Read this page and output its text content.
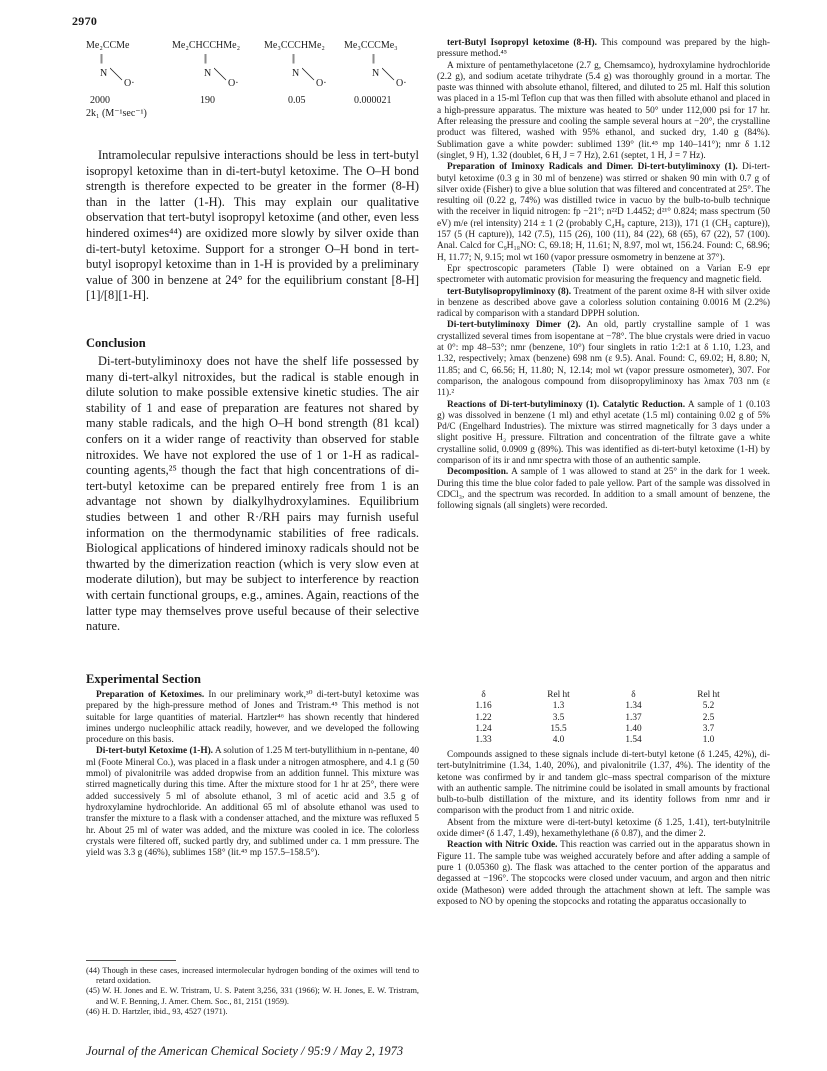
2970
Me₂CCMe
||
N
O·
2000
Me₂CHCCHMe₂
||
N
O·
190
Me₃CCCHMe₂
||
N
O·
0.05
Me₃CCCMe₃
||
N
O·
0.000021
2k₁ (M⁻¹sec⁻¹)

Intramolecular repulsive interactions should be less in tert-butyl isopropyl ketoxime than in di-tert-butyl ketoxime. The O–H bond strength is therefore expected to be greater in the former (8-H) than in the latter (1-H). This may explain our qualitative observation that tert-butyl isopropyl ketoxime (and other, even less hindered oximes⁴⁴) are oxidized more slowly by silver oxide than di-tert-butyl ketoxime. Support for a stronger O–H bond in tert-butyl isopropyl ketoxime than in 1-H is provided by a preliminary value of 300 in benzene at 24° for the equilibrium constant [8-H][1]/[8][1-H].

Conclusion

Di-tert-butyliminoxy does not have the shelf life possessed by many di-tert-alkyl nitroxides, but the radical is stable enough in dilute solution to make possible extensive kinetic studies. The air stability of 1 and ease of preparation are features not shared by many stable radicals, and the high O–H bond strength (81 kcal) confers on it a wider range of reactivity than observed for stable nitroxides. We have not explored the use of 1 or 1-H as radical-counting agents,²⁵ though the fact that high concentrations of di-tert-butyl ketoxime can be prepared entirely free from 1 is an advantage not shown by dialkylhydroxylamines. Equilibrium studies between 1 and other R·/RH pairs may furnish useful information on the thermodynamic stabilities of free radicals. Biological applications of hindered iminoxy radicals should not be thwarted by the dimerization reaction (which is very slow even at moderate dilution), but may be subject to interference by reaction with certain functional groups, e.g., amines. Again, reactions of the latter type may themselves prove useful because of their selective nature.

Experimental Section

Preparation of Ketoximes. In our preliminary work,³⁰ di-tert-butyl ketoxime was prepared by the high-pressure method of Jones and Tristram.⁴⁵ This method is not suitable for large quantities of material. Hartzler⁴⁶ has shown recently that hindered imines undergo nucleophilic attack readily, however, and we developed the following procedure on this basis.

Di-tert-butyl Ketoxime (1-H). A solution of 1.25 M tert-butyllithium in n-pentane, 40 ml (Foote Mineral Co.), was placed in a flask under a nitrogen atmosphere, and 4.1 g (50 mmol) of pivalonitrile was added dropwise from an addition funnel. This mixture was stirred magnetically during this time. After the mixture stood for 1 hr at 25°, there were added successively 5 ml of absolute ethanol, 3 ml of acetic acid and 3.5 g of hydroxylamine hydrochloride. An additional 65 ml of absolute ethanol was used to transfer the mixture to a flask with a condenser attached, and the mixture was refluxed 5 hr. About 25 ml of water was added, and the mixture was cooled in ice. The colorless crystals were filtered off, sucked partly dry, and sublimed under ca. 1 mm pressure. The yield was 3.3 g (46%), sublimes 158° (lit.⁴⁵ mp 157.5–158.5°).

(44) Though in these cases, increased intermolecular hydrogen bonding of the oximes will tend to retard oxidation.

(45) W. H. Jones and E. W. Tristram, U. S. Patent 3,256, 331 (1966); W. H. Jones, E. W. Tristram, and W. F. Benning, J. Amer. Chem. Soc., 81, 2151 (1959).

(46) H. D. Hartzler, ibid., 93, 4527 (1971).

tert-Butyl Isopropyl ketoxime (8-H). This compound was prepared by the high-pressure method.⁴⁵

A mixture of pentamethylacetone (2.7 g, Chemsamco), hydroxylamine hydrochloride (2.2 g), and sodium acetate trihydrate (5.4 g) was thoroughly ground in a mortar. The paste was thinned with absolute ethanol, filtered, and diluted to 25 ml. Half this solution was placed in a 15-ml Teflon cup that was then filled with absolute ethanol and placed in a high-pressure apparatus. The mixture was heated to 50° under 112,000 psi for 17 hr. After releasing the pressure and cooling the sample several hours at −20°, the crystalline product was filtered, washed with 95% ethanol, and sucked dry, 1.40 g (84%). Sublimation gave a white powder: sublimed 139° (lit.⁴⁵ mp 140–141°); nmr δ 1.12 (singlet, 9 H), 1.32 (doublet, 6 H, J = 7 Hz), 2.61 (septet, 1 H, J = 7 Hz).

Preparation of Iminoxy Radicals and Dimer. Di-tert-butyliminoxy (1). Di-tert-butyl ketoxime (0.3 g in 30 ml of benzene) was stirred or shaken 90 min with 0.7 g of silver oxide (Fisher) to give a blue solution that was filtered and concentrated at 25°. The resulting oil (0.22 g, 74%) was distilled twice in vacuo by the bulb-to-bulb technique with the receiver in liquid nitrogen: fp −21°; n²²D 1.4452; d²¹° 0.824; mass spectrum (50 eV) m/e (rel intensity) 214 ± 1 (2 (probably C₄H₉ capture, 213)), 171 (1 (CH₃ capture)), 157 (5 (H capture)), 142 (7.5), 115 (26), 100 (11), 84 (22), 68 (65), 67 (22), 57 (100). Anal. Calcd for C₉H₁₈NO: C, 69.18; H, 11.61; N, 8.97, mol wt, 156.24. Found: C, 68.96; H, 11.77; N, 9.15; mol wt 160 (vapor pressure osmometry in benzene at 37°).

Epr spectroscopic parameters (Table I) were obtained on a Varian E-9 epr spectrometer with automatic provision for measuring the frequency and magnetic field.

tert-Butylisopropyliminoxy (8). Treatment of the parent oxime 8-H with silver oxide in benzene as described above gave a colorless solution containing 0.0016 M (2.2%) radical by comparison with a standard DPPH solution.

Di-tert-butyliminoxy Dimer (2). An old, partly crystalline sample of 1 was crystallized several times from isopentane at −78°. The blue crystals were dried in vacuo at 0°: mp 48–53°; nmr (benzene, 10°) four singlets in ratio 1:2:1 at δ 1.10, 1.23, and 1.32, respectively; λmax (benzene) 698 nm (ε 9.5). Anal. Found: C, 69.02; H, 8.80; N, 11.85; and C, 66.56; H, 11.80; N, 12.14; mol wt (vapor pressure osmometer), 307. For comparison, the analogous compound from diisopropyliminoxy has λmax 703 nm (ε 11).²

Reactions of Di-tert-butyliminoxy (1). Catalytic Reduction. A sample of 1 (0.103 g) was dissolved in benzene (1 ml) and ethyl acetate (1.5 ml) containing 0.02 g of 5% Pd/C (Engelhard Industries). The mixture was stirred magnetically for 3 days under a slight positive H₂ pressure. Filtration and concentration of the filtrate gave a white crystalline solid, 0.0909 g (89%). This was identified as di-tert-butyl ketoxime (1-H) by comparison of its ir and nmr spectra with those of an authentic sample.

Decomposition. A sample of 1 was allowed to stand at 25° in the dark for 1 week. During this time the blue color faded to pale yellow. Part of the sample was dissolved in CDCl₃, and the spectrum was recorded. In addition to a small amount of benzene, the following signals (all singlets) were recorded.

δ	Rel ht	δ	Rel ht
1.16	1.3	1.34	5.2
1.22	3.5	1.37	2.5
1.24	15.5	1.40	3.7
1.33	4.0	1.54	1.0

Compounds assigned to these signals include di-tert-butyl ketone (δ 1.245, 42%), di-tert-butylnitrimine (1.34, 1.40, 20%), and pivalonitrile (1.37, 4%). The identity of the ketone was confirmed by ir and tandem glc–mass spectral comparison of the mixture with an authentic sample. The nitrimine could be isolated in small amounts by fractional bulb-to-bulb distillation of the mixture, and its identity follows from nmr and ir comparison with the product from 1 and nitric oxide.

Absent from the mixture were di-tert-butyl ketoxime (δ 1.25, 1.41), tert-butylnitrile oxide dimer² (δ 1.47, 1.49), hexamethylethane (δ 0.87), and the dimer 2.

Reaction with Nitric Oxide. This reaction was carried out in the apparatus shown in Figure 11. The sample tube was weighed accurately before and after adding a sample of pure 1 (0.05360 g). The flask was attached to the center portion of the apparatus and degassed at −196°. The stopcocks were closed under vacuum, and argon and then nitric oxide (Matheson) were added through the attachment shown at left. The sample was exposed to NO by opening the stopcocks and rotating the apparatus occasionally to

Journal of the American Chemical Society / 95:9 / May 2, 1973
